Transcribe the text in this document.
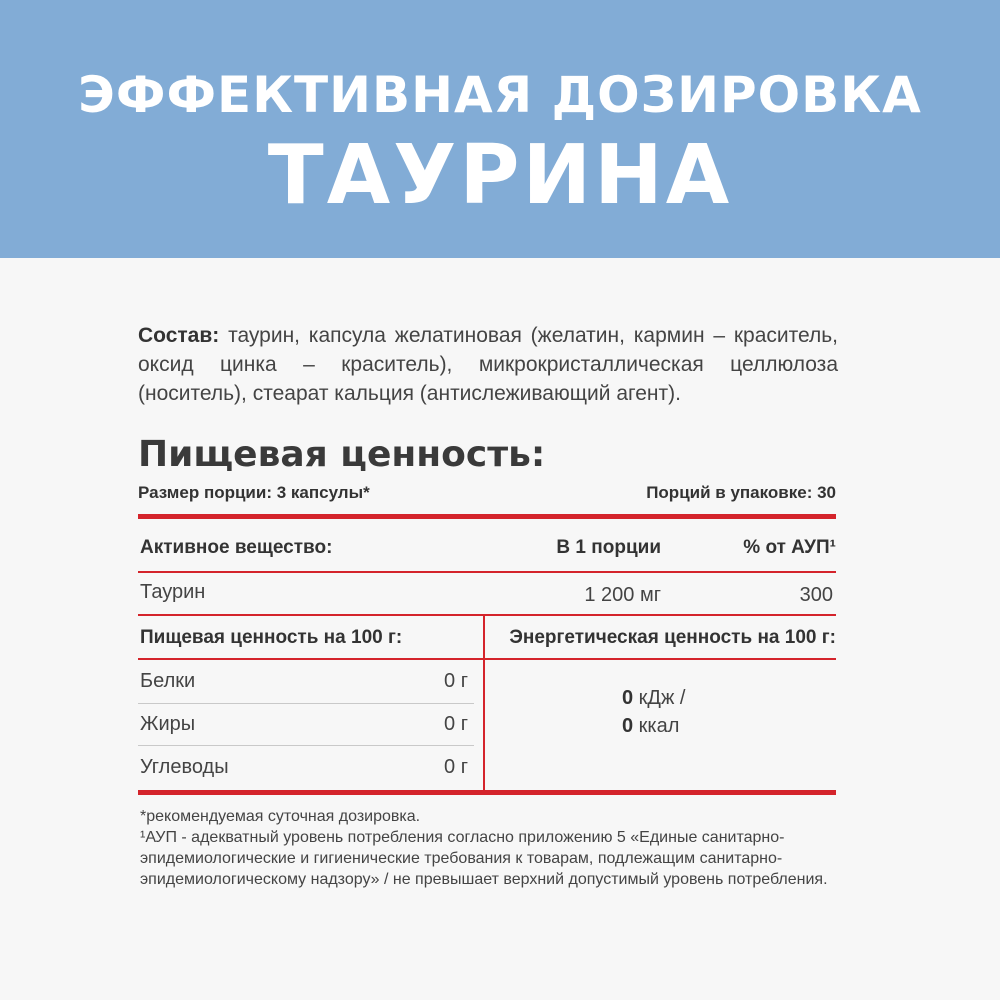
ЭФФЕКТИВНАЯ ДОЗИРОВКА
ТАУРИНА
Состав: таурин, капсула желатиновая (желатин, кармин – краситель, оксид цинка – краситель), микрокристаллическая целлюлоза (носитель), стеарат кальция (антислеживающий агент).
Пищевая ценность:
Размер порции: 3 капсулы*	Порций в упаковке: 30
Активное вещество:	В 1 порции	% от АУП¹
Таурин	1 200 мг	300
Пищевая ценность на 100 г:	Энергетическая ценность на 100 г:
Белки	0 г
Жиры	0 г
Углеводы	0 г
0 кДж /
0 ккал

*рекомендуемая суточная дозировка.

¹АУП - адекватный уровень потребления согласно приложению 5 «Единые санитарно-эпидемиологические и гигиенические требования к товарам, подлежащим санитарно-эпидемиологическому надзору» / не превышает верхний допустимый уровень потребления.
